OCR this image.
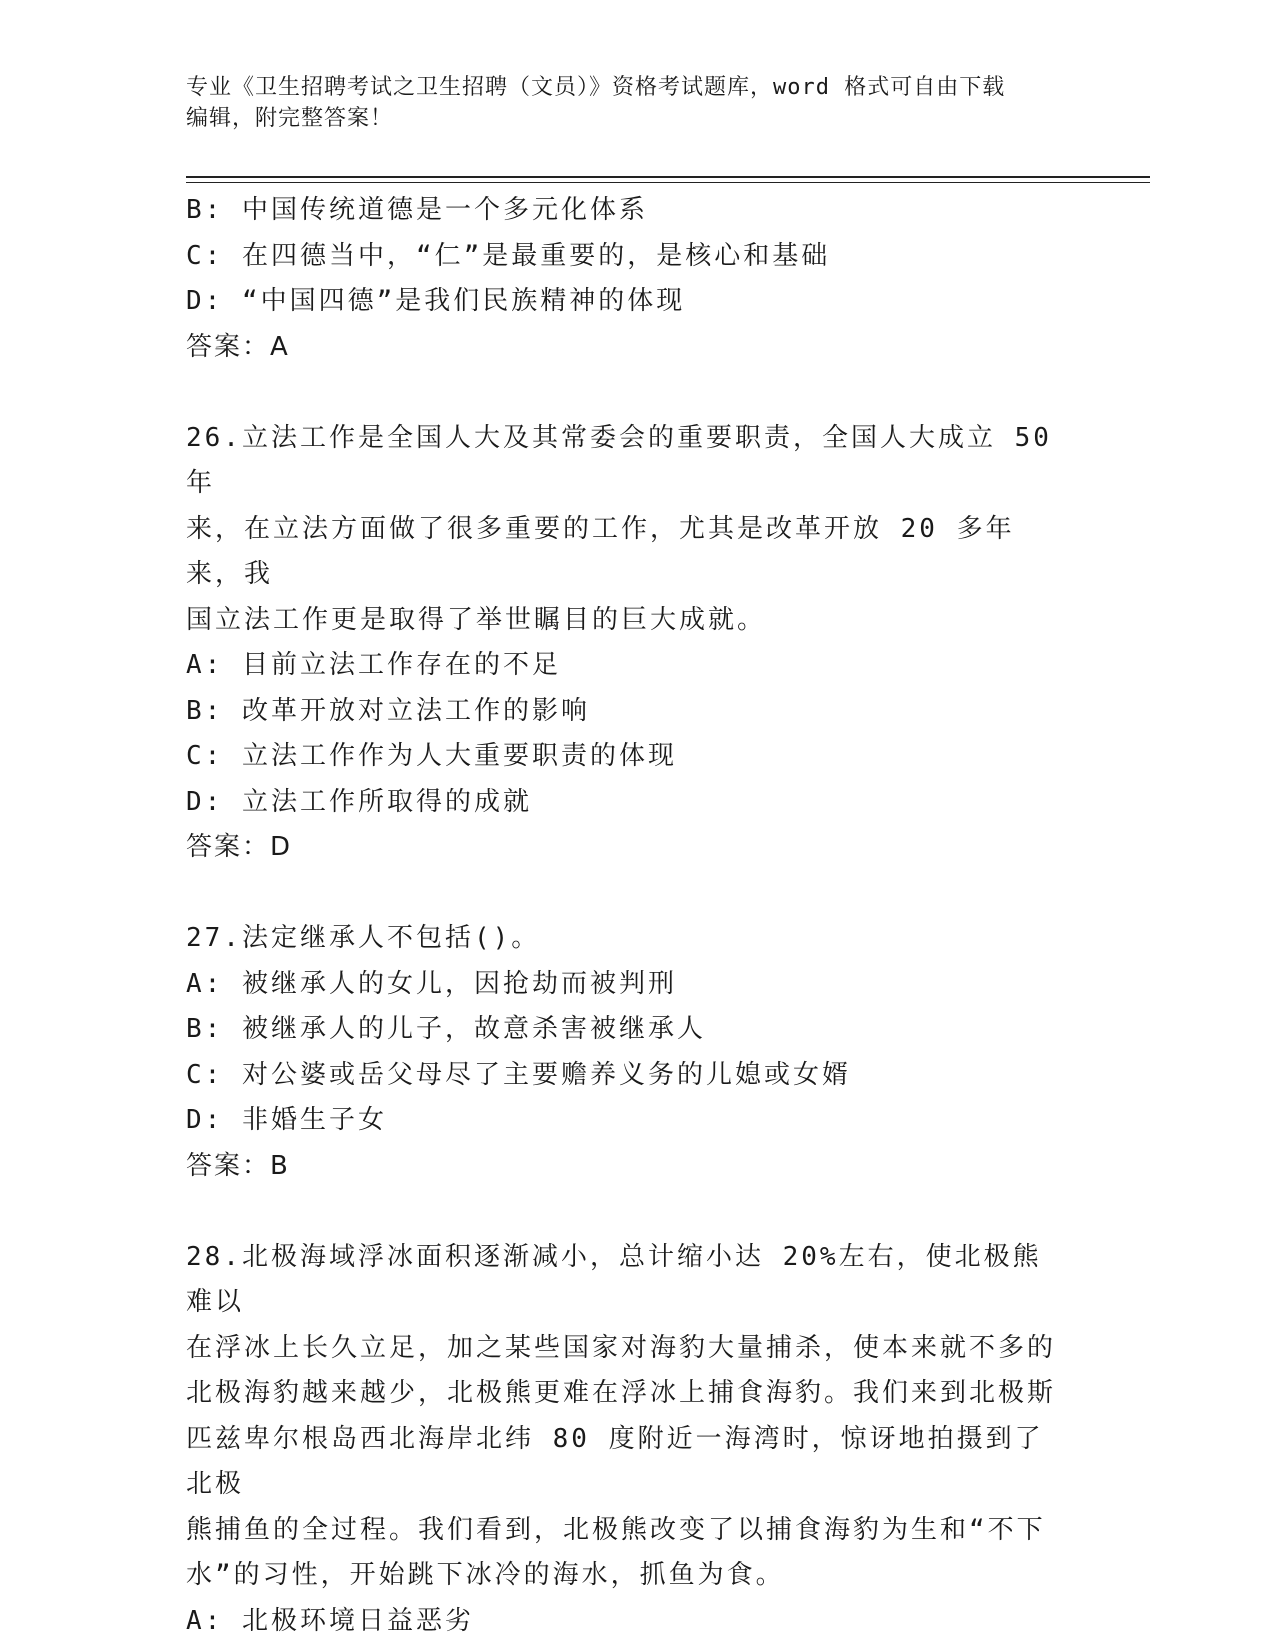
专业《卫生招聘考试之卫生招聘（文员）》资格考试题库，word 格式可自由下载
编辑，附完整答案！

B: 中国传统道德是一个多元化体系

C: 在四德当中，“仁”是最重要的，是核心和基础

D: “中国四德”是我们民族精神的体现

答案：A

26.立法工作是全国人大及其常委会的重要职责，全国人大成立 50 年

来，在立法方面做了很多重要的工作，尤其是改革开放 20 多年来，我

国立法工作更是取得了举世瞩目的巨大成就。

A: 目前立法工作存在的不足

B: 改革开放对立法工作的影响

C: 立法工作作为人大重要职责的体现

D: 立法工作所取得的成就

答案：D

27.法定继承人不包括()。

A: 被继承人的女儿，因抢劫而被判刑

B: 被继承人的儿子，故意杀害被继承人

C: 对公婆或岳父母尽了主要赡养义务的儿媳或女婿

D: 非婚生子女

答案：B

28.北极海域浮冰面积逐渐减小，总计缩小达 20%左右，使北极熊难以

在浮冰上长久立足，加之某些国家对海豹大量捕杀，使本来就不多的

北极海豹越来越少，北极熊更难在浮冰上捕食海豹。我们来到北极斯

匹兹卑尔根岛西北海岸北纬 80 度附近一海湾时，惊讶地拍摄到了北极

熊捕鱼的全过程。我们看到，北极熊改变了以捕食海豹为生和“不下

水”的习性，开始跳下冰冷的海水，抓鱼为食。

A: 北极环境日益恶劣
